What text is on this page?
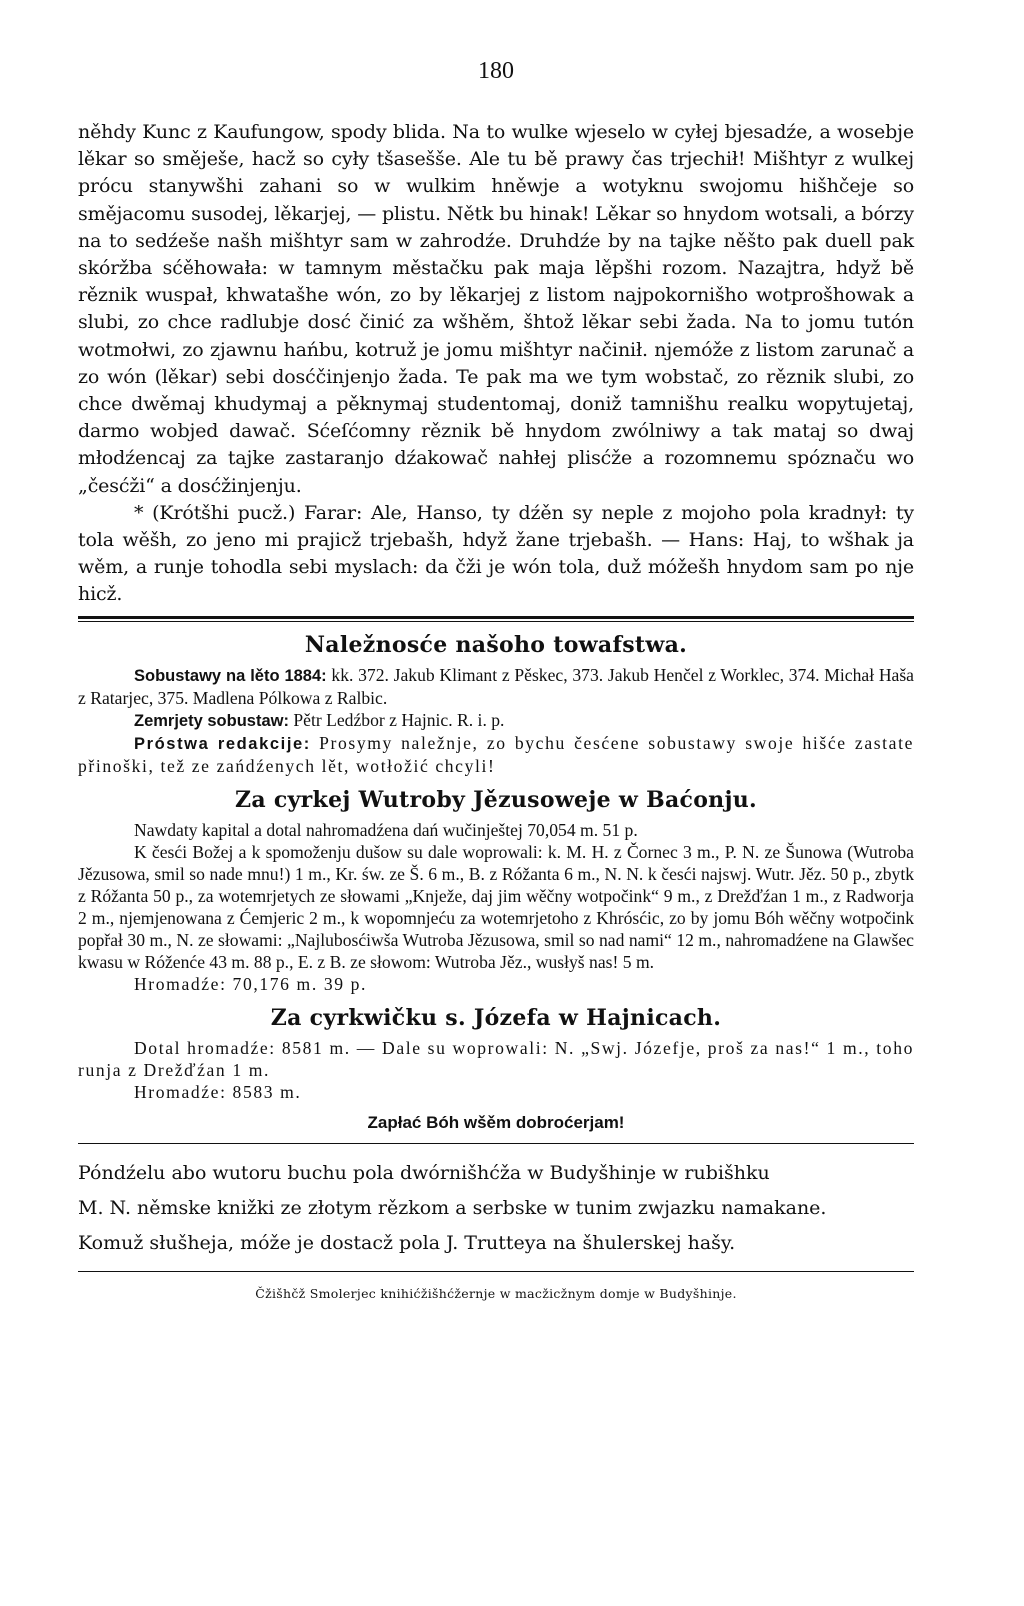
180

něhdy Kunc z Kaufungow, spody blida. Na to wulke wjeselo w cyłej bjesadźe, a wosebje lěkar so směješe, hacž so cyły tšasešše. Ale tu bě prawy čas trjechił! Mišhtyr z wulkej prócu stanywšhi zahani so w wulkim hněwje a wotyknu swojomu hišhčeje so smějacomu susodej, lěkarjej, — plistu. Nětk bu hinak! Lěkar so hnydom wotsali, a bórzy na to sedźeše našh mišhtyr sam w zahrodźe. Druhdźe by na tajke něšto pak duell pak skóržba sćěhowała: w tamnym městačku pak maja lěpšhi rozom. Nazajtra, hdyž bě rěznik wuspał, khwatašhe wón, zo by lěkarjej z listom najpokornišho wotprošhowak a slubi, zo chce radlubje dosć činić za wšhěm, šhtož lěkar sebi žada. Na to jomu tutón wotmołwi, zo zjawnu hańbu, kotruž je jomu mišhtyr načinił. njemóže z listom zarunač a zo wón (lěkar) sebi dosćčinjenjo žada. Te pak ma we tym wobstač, zo rěznik slubi, zo chce dwěmaj khudymaj a pěknymaj studentomaj, doniž tamnišhu realku wopytujetaj, darmo wobjed dawač. Sćeſćomny rěznik bě hnydom zwólniwy a tak mataj so dwaj młodźencaj za tajke zastaranjo dźakowač nahłej plisćže a rozomnemu spóznaču wo „česćži“ a dosćžinjenju.

* (Krótšhi pucž.) Farar: Ale, Hanso, ty dźěn sy neple z mojoho pola kradnył: ty tola wěšh, zo jeno mi prajicž trjebašh, hdyž žane trjebašh. — Hans: Haj, to wšhak ja wěm, a runje tohodla sebi myslach: da čži je wón tola, duž móžešh hnydom sam po nje hicž.

Naležnosće našoho towafstwa.

Sobustawy na lěto 1884: kk. 372. Jakub Klimant z Pěskec, 373. Jakub Henčel z Worklec, 374. Michał Haša z Ratarjec, 375. Madlena Pólkowa z Ralbic.

Zemrjety sobustaw: Pětr Ledźbor z Hajnic. R. i. p.

Próstwa redakcije: Prosymy naležnje, zo bychu česćene sobustawy swoje hišće zastate přinoški, tež ze zańdźenych lět, wotłožić chcyli!

Za cyrkej Wutroby Jězusoweje w Baćonju.

Nawdaty kapital a dotal nahromadźena dań wučinještej 70,054 m. 51 p.

K česći Božej a k spomoženju dušow su dale woprowali: k. M. H. z Čornec 3 m., P. N. ze Šunowa (Wutroba Jězusowa, smil so nade mnu!) 1 m., Kr. św. ze Š. 6 m., B. z Róžanta 6 m., N. N. k česći najswj. Wutr. Jěz. 50 p., zbytk z Róžanta 50 p., za wotemrjetych ze słowami „Knježe, daj jim wěčny wotpočink“ 9 m., z Drežďźan 1 m., z Radworja 2 m., njemjenowana z Ćemjeric 2 m., k wopomnjeću za wotemrjetoho z Khrósćic, zo by jomu Bóh wěčny wotpočink popřał 30 m., N. ze słowami: „Najlubosćiwša Wutroba Jězusowa, smil so nad nami“ 12 m., nahromadźene na Glawšec kwasu w Róženće 43 m. 88 p., E. z B. ze słowom: Wutroba Jěz., wusłyš nas! 5 m.

Hromadźe: 70,176 m. 39 p.

Za cyrkwičku s. Józefa w Hajnicach.

Dotal hromadźe: 8581 m. — Dale su woprowali: N. „Swj. Józefje, proš za nas!“ 1 m., toho runja z Drežďźan 1 m.

Hromadźe: 8583 m.

Zapłać Bóh wšěm dobroćerjam!

Póndźelu abo wutoru buchu pola dwórnišhćža w Budyšhinje w rubišhku

M. N. němske knižki ze złotym rězkom a serbske w tunim zwjazku namakane.

Komuž słušheja, móže je dostacž pola J. Trutteya na šhulerskej hašy.

Čžišhčž Smolerjec knihićžišhćžernje w macžicžnym domje w Budyšhinje.
